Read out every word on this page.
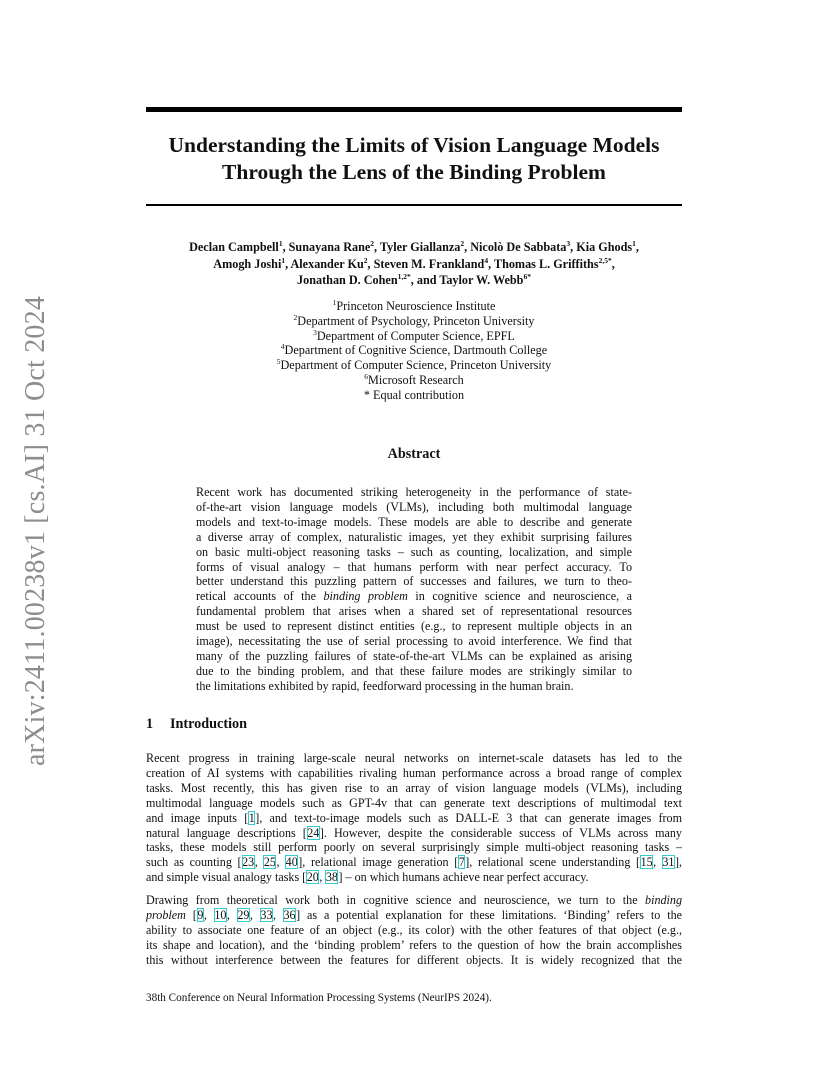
arXiv:2411.00238v1 [cs.AI] 31 Oct 2024
Understanding the Limits of Vision Language Models
Through the Lens of the Binding Problem
Declan Campbell$^1$, Sunayana Rane$^2$, Tyler Giallanza$^2$, Nicolò De Sabbata$^3$, Kia Ghods$^1$,
Amogh Joshi$^1$, Alexander Ku$^2$, Steven M. Frankland$^4$, Thomas L. Griffiths$^{2,5*}$,
Jonathan D. Cohen$^{1,2*}$, and Taylor W. Webb$^{6*}$
$^1$Princeton Neuroscience Institute
$^2$Department of Psychology, Princeton University
$^3$Department of Computer Science, EPFL
$^4$Department of Cognitive Science, Dartmouth College
$^5$Department of Computer Science, Princeton University
$^6$Microsoft Research
* Equal contribution
Abstract
Recent work has documented striking heterogeneity in the performance of state-
of-the-art vision language models (VLMs), including both multimodal language
models and text-to-image models. These models are able to describe and generate
a diverse array of complex, naturalistic images, yet they exhibit surprising failures
on basic multi-object reasoning tasks – such as counting, localization, and simple
forms of visual analogy – that humans perform with near perfect accuracy. To
better understand this puzzling pattern of successes and failures, we turn to theo-
retical accounts of the binding problem in cognitive science and neuroscience, a
fundamental problem that arises when a shared set of representational resources
must be used to represent distinct entities (e.g., to represent multiple objects in an
image), necessitating the use of serial processing to avoid interference. We find that
many of the puzzling failures of state-of-the-art VLMs can be explained as arising
due to the binding problem, and that these failure modes are strikingly similar to
the limitations exhibited by rapid, feedforward processing in the human brain.
1 Introduction
Recent progress in training large-scale neural networks on internet-scale datasets has led to the
creation of AI systems with capabilities rivaling human performance across a broad range of complex
tasks. Most recently, this has given rise to an array of vision language models (VLMs), including
multimodal language models such as GPT-4v that can generate text descriptions of multimodal text
and image inputs [1], and text-to-image models such as DALL-E 3 that can generate images from
natural language descriptions [24]. However, despite the considerable success of VLMs across many
tasks, these models still perform poorly on several surprisingly simple multi-object reasoning tasks –
such as counting [23, 25, 40], relational image generation [7], relational scene understanding [15, 31],
and simple visual analogy tasks [20, 38] – on which humans achieve near perfect accuracy.
Drawing from theoretical work both in cognitive science and neuroscience, we turn to the binding
problem [9, 10, 29, 33, 36] as a potential explanation for these limitations. ‘Binding’ refers to the
ability to associate one feature of an object (e.g., its color) with the other features of that object (e.g.,
its shape and location), and the ‘binding problem’ refers to the question of how the brain accomplishes
this without interference between the features for different objects. It is widely recognized that the
38th Conference on Neural Information Processing Systems (NeurIPS 2024).
